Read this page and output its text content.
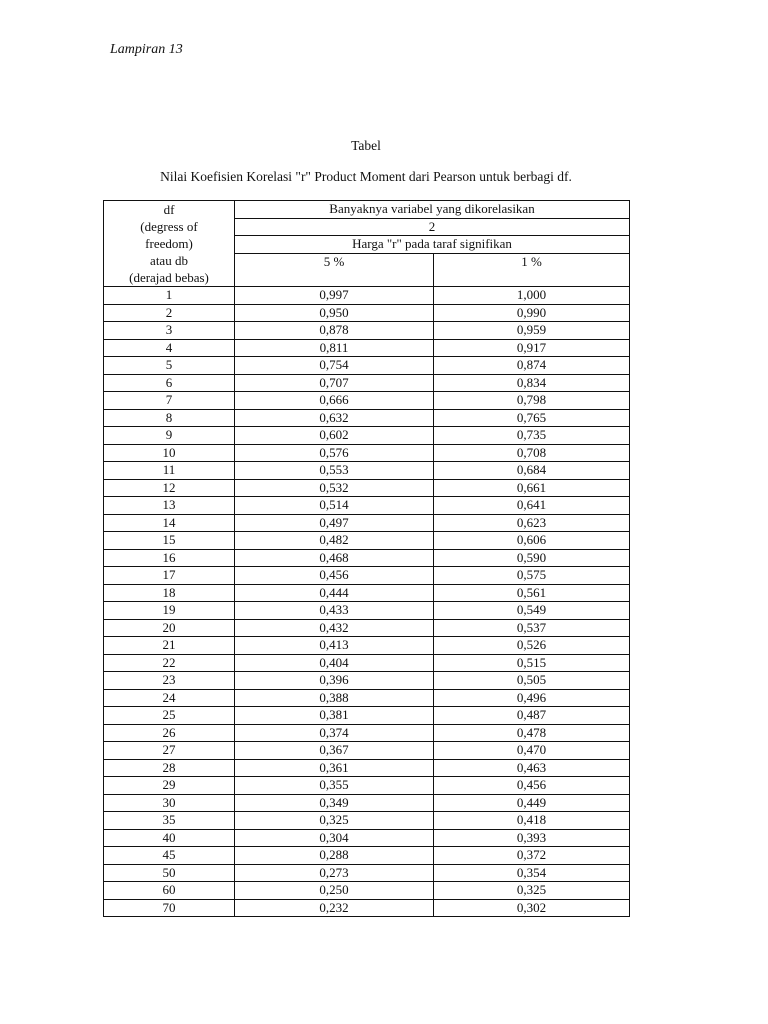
Lampiran 13
Tabel
Nilai Koefisien Korelasi "r" Product Moment dari Pearson untuk berbagi df.
df
(degress of
freedom)
atau db
(derajad bebas)	Banyaknya variabel yang dikorelasikan	
	2	
	Harga "r" pada taraf signifikan	
	5 %	1 %

1	0,997	1,000
2	0,950	0,990
3	0,878	0,959
4	0,811	0,917
5	0,754	0,874
6	0,707	0,834
7	0,666	0,798
8	0,632	0,765
9	0,602	0,735
10	0,576	0,708
11	0,553	0,684
12	0,532	0,661
13	0,514	0,641
14	0,497	0,623
15	0,482	0,606
16	0,468	0,590
17	0,456	0,575
18	0,444	0,561
19	0,433	0,549
20	0,432	0,537
21	0,413	0,526
22	0,404	0,515
23	0,396	0,505
24	0,388	0,496
25	0,381	0,487
26	0,374	0,478
27	0,367	0,470
28	0,361	0,463
29	0,355	0,456
30	0,349	0,449
35	0,325	0,418
40	0,304	0,393
45	0,288	0,372
50	0,273	0,354
60	0,250	0,325
70	0,232	0,302
